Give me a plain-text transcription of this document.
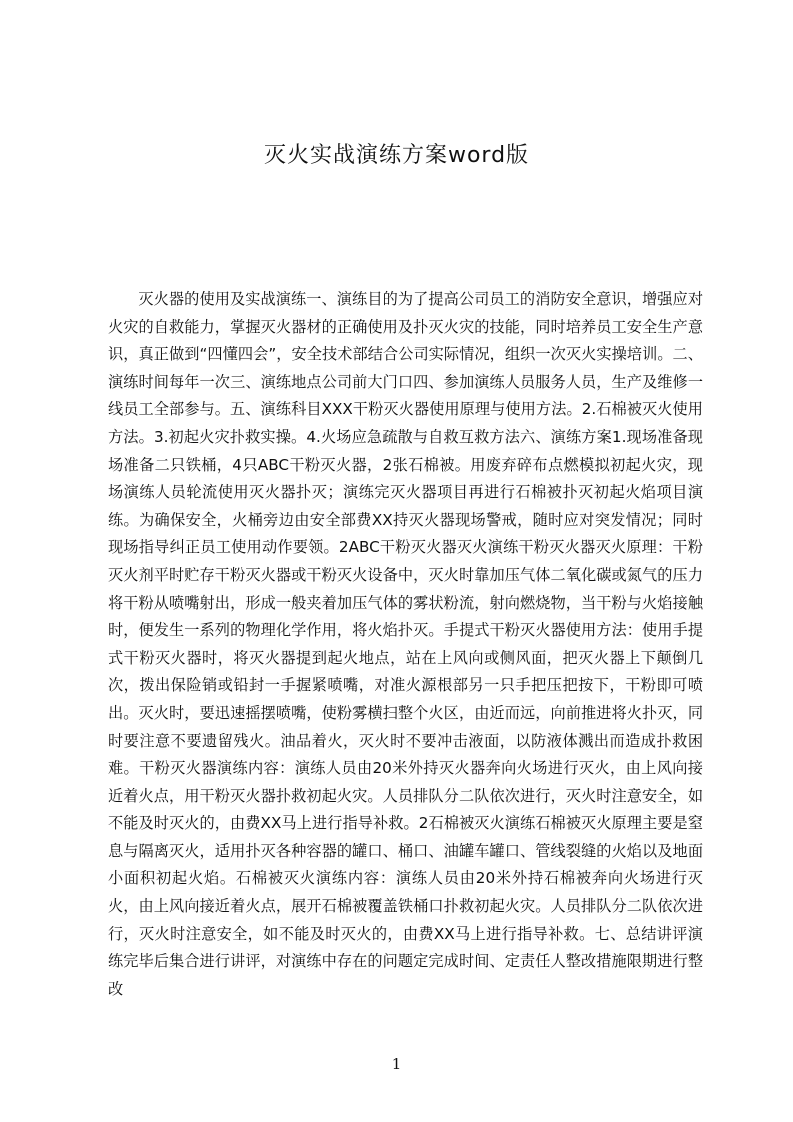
灭火实战演练方案word版

灭火器的使用及实战演练一、演练目的为了提高公司员工的消防安全意识，增强应对火灾的自救能力，掌握灭火器材的正确使用及扑灭火灾的技能，同时培养员工安全生产意识，真正做到“四懂四会”，安全技术部结合公司实际情况，组织一次灭火实操培训。二、演练时间每年一次三、演练地点公司前大门口四、参加演练人员服务人员，生产及维修一线员工全部参与。五、演练科目XXX干粉灭火器使用原理与使用方法。2.石棉被灭火使用方法。3.初起火灾扑救实操。4.火场应急疏散与自救互救方法六、演练方案1.现场准备现场准备二只铁桶，4只ABC干粉灭火器，2张石棉被。用废弃碎布点燃模拟初起火灾，现场演练人员轮流使用灭火器扑灭；演练完灭火器项目再进行石棉被扑灭初起火焰项目演练。为确保安全，火桶旁边由安全部费XX持灭火器现场警戒，随时应对突发情况；同时现场指导纠正员工使用动作要领。2ABC干粉灭火器灭火演练干粉灭火器灭火原理：干粉灭火剂平时贮存干粉灭火器或干粉灭火设备中，灭火时靠加压气体二氧化碳或氮气的压力将干粉从喷嘴射出，形成一般夹着加压气体的雾状粉流，射向燃烧物，当干粉与火焰接触时，便发生一系列的物理化学作用，将火焰扑灭。手提式干粉灭火器使用方法：使用手提式干粉灭火器时，将灭火器提到起火地点，站在上风向或侧风面，把灭火器上下颠倒几次，拨出保险销或铅封一手握紧喷嘴，对准火源根部另一只手把压把按下，干粉即可喷出。灭火时，要迅速摇摆喷嘴，使粉雾横扫整个火区，由近而远，向前推进将火扑灭，同时要注意不要遗留残火。油品着火，灭火时不要冲击液面，以防液体溅出而造成扑救困难。干粉灭火器演练内容：演练人员由20米外持灭火器奔向火场进行灭火，由上风向接近着火点，用干粉灭火器扑救初起火灾。人员排队分二队依次进行，灭火时注意安全，如不能及时灭火的，由费XX马上进行指导补救。2石棉被灭火演练石棉被灭火原理主要是窒息与隔离灭火，适用扑灭各种容器的罐口、桶口、油罐车罐口、管线裂缝的火焰以及地面小面积初起火焰。石棉被灭火演练内容：演练人员由20米外持石棉被奔向火场进行灭火，由上风向接近着火点，展开石棉被覆盖铁桶口扑救初起火灾。人员排队分二队依次进行，灭火时注意安全，如不能及时灭火的，由费XX马上进行指导补救。七、总结讲评演练完毕后集合进行讲评，对演练中存在的问题定完成时间、定责任人整改措施限期进行整改

1
